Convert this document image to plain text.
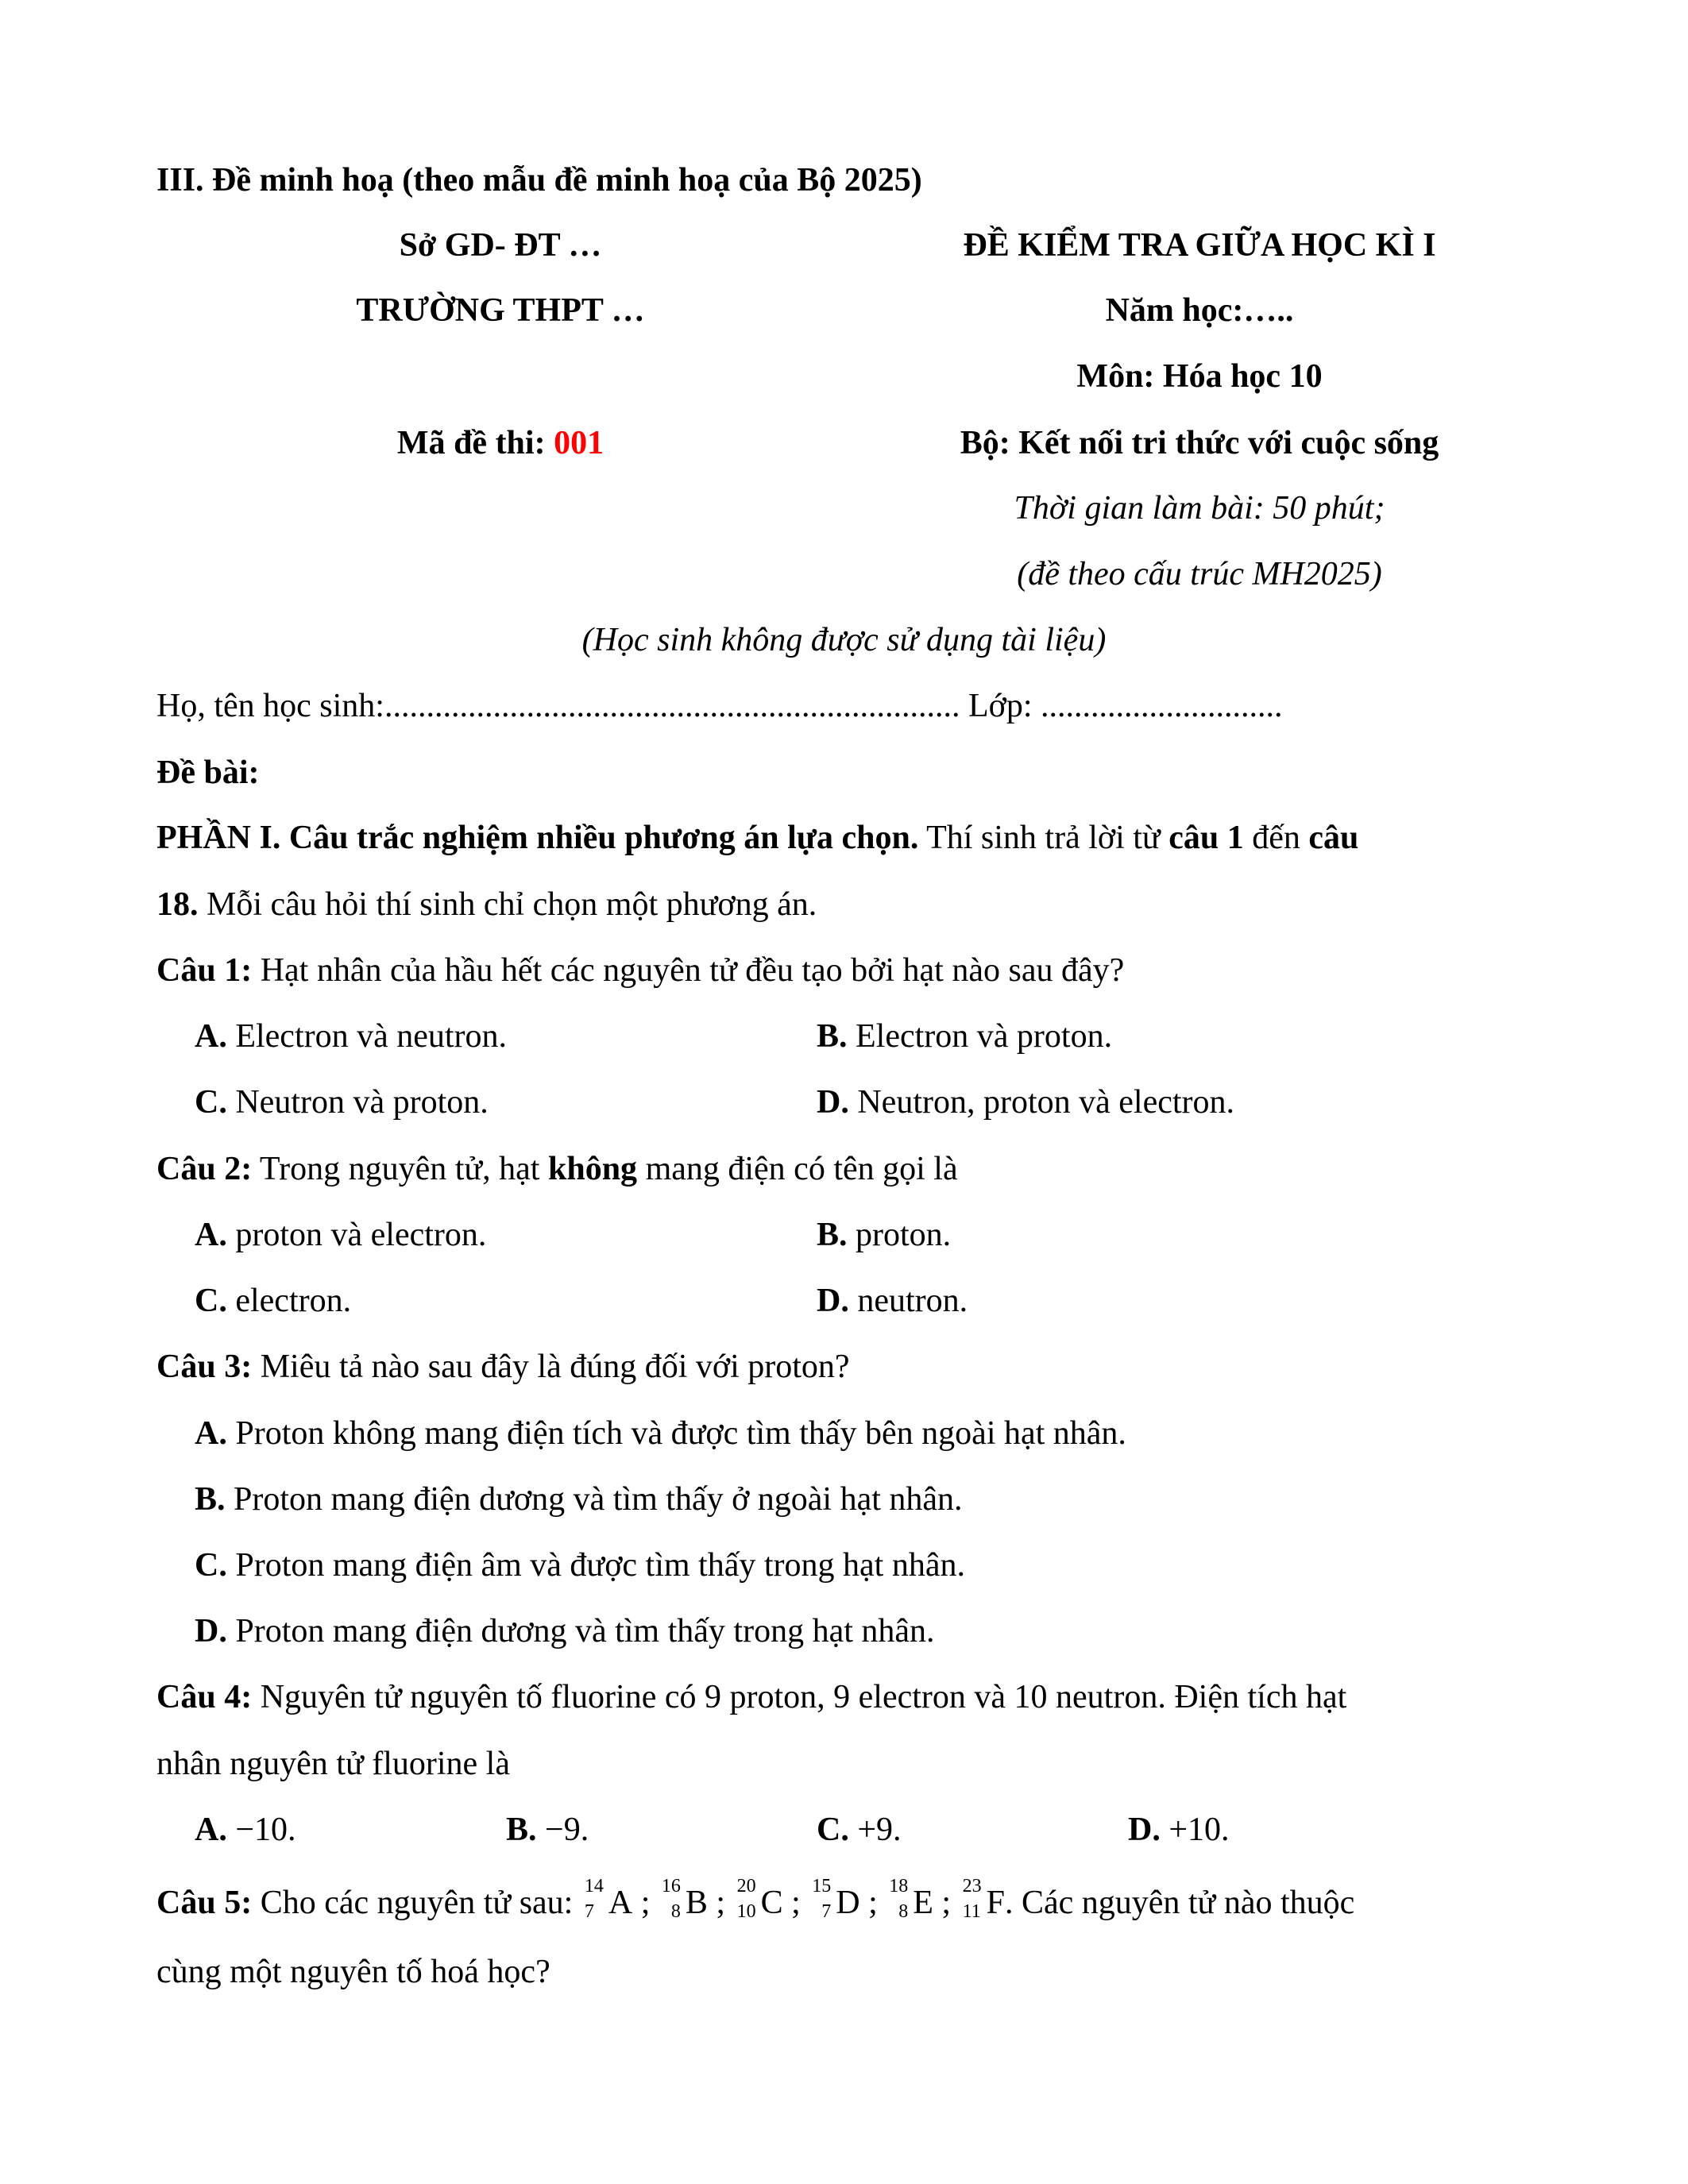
III. Đề minh hoạ (theo mẫu đề minh hoạ của Bộ 2025)
Sở GD- ĐT …
TRƯỜNG THPT …
Mã đề thi: 001
ĐỀ KIỂM TRA GIỮA HỌC KÌ I
Năm học:…..
Môn: Hóa học 10
Bộ: Kết nối tri thức với cuộc sống
Thời gian làm bài: 50 phút;
(đề theo cấu trúc MH2025)
(Học sinh không được sử dụng tài liệu)
Họ, tên học sinh:..................................................................... Lớp: .............................
Đề bài:
PHẦN I. Câu trắc nghiệm nhiều phương án lựa chọn. Thí sinh trả lời từ câu 1 đến câu
18. Mỗi câu hỏi thí sinh chỉ chọn một phương án.
Câu 1: Hạt nhân của hầu hết các nguyên tử đều tạo bởi hạt nào sau đây?
A. Electron và neutron.	B. Electron và proton.
C. Neutron và proton.	D. Neutron, proton và electron.
Câu 2: Trong nguyên tử, hạt không mang điện có tên gọi là
A. proton và electron.	B. proton.
C. electron.	D. neutron.
Câu 3: Miêu tả nào sau đây là đúng đối với proton?
A. Proton không mang điện tích và được tìm thấy bên ngoài hạt nhân.
B. Proton mang điện dương và tìm thấy ở ngoài hạt nhân.
C. Proton mang điện âm và được tìm thấy trong hạt nhân.
D. Proton mang điện dương và tìm thấy trong hạt nhân.
Câu 4: Nguyên tử nguyên tố fluorine có 9 proton, 9 electron và 10 neutron. Điện tích hạt
nhân nguyên tử fluorine là
A. −10.	B. −9.	C. +9.	D. +10.
Câu 5: Cho các nguyên tử sau: 14
7 A ; 16
8 B ; 20
10 C ; 15
7 D ; 18
8 E ; 23
11 F. Các nguyên tử nào thuộc
cùng một nguyên tố hoá học?
